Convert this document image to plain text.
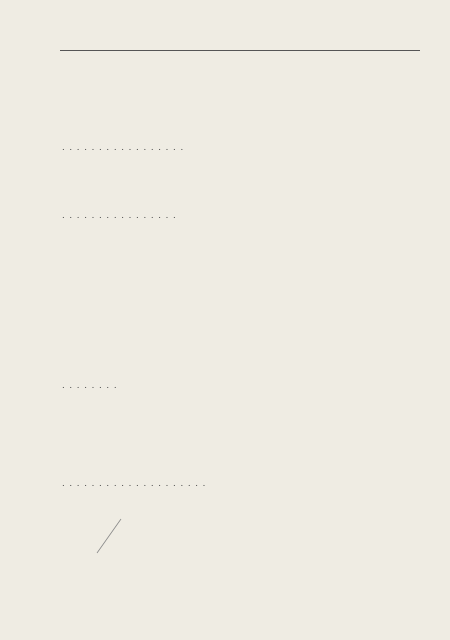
. . . . . . . . . . . . . . . . .
. . . . . . . . . . . . . . . .
. . . . . . . .
. . . . . . . . . . . . . . . . . . . .
